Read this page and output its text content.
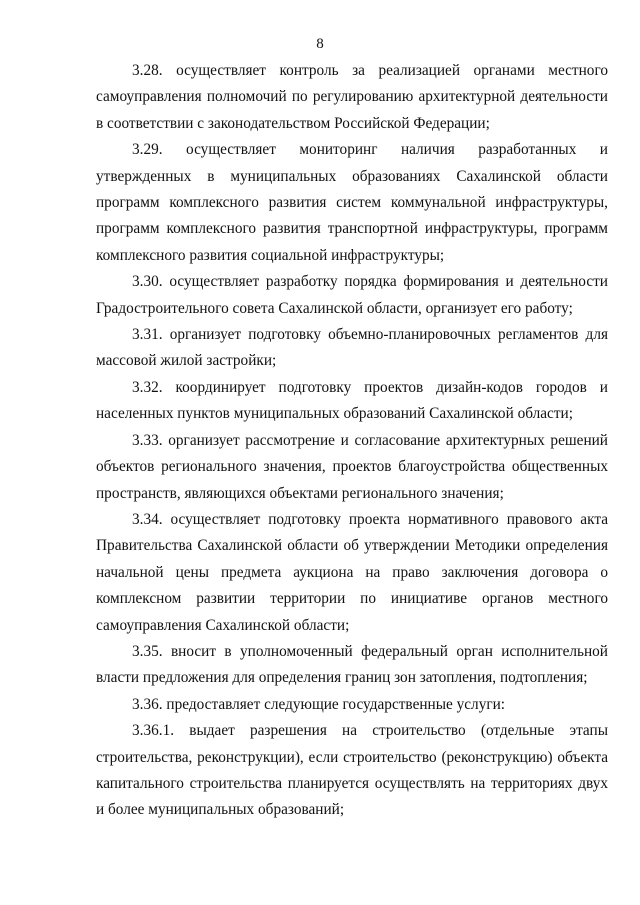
8

3.28. осуществляет контроль за реализацией органами местного самоуправления полномочий по регулированию архитектурной деятельности в соответствии с законодательством Российской Федерации;

3.29. осуществляет мониторинг наличия разработанных и утвержденных в муниципальных образованиях Сахалинской области программ комплексного развития систем коммунальной инфраструктуры, программ комплексного развития транспортной инфраструктуры, программ комплексного развития социальной инфраструктуры;

3.30. осуществляет разработку порядка формирования и деятельности Градостроительного совета Сахалинской области, организует его работу;

3.31. организует подготовку объемно-планировочных регламентов для массовой жилой застройки;

3.32. координирует подготовку проектов дизайн-кодов городов и населенных пунктов муниципальных образований Сахалинской области;

3.33. организует рассмотрение и согласование архитектурных решений объектов регионального значения, проектов благоустройства общественных пространств, являющихся объектами регионального значения;

3.34. осуществляет подготовку проекта нормативного правового акта Правительства Сахалинской области об утверждении Методики определения начальной цены предмета аукциона на право заключения договора о комплексном развитии территории по инициативе органов местного самоуправления Сахалинской области;

3.35. вносит в уполномоченный федеральный орган исполнительной власти предложения для определения границ зон затопления, подтопления;

3.36. предоставляет следующие государственные услуги:

3.36.1. выдает разрешения на строительство (отдельные этапы строительства, реконструкции), если строительство (реконструкцию) объекта капитального строительства планируется осуществлять на территориях двух и более муниципальных образований;
